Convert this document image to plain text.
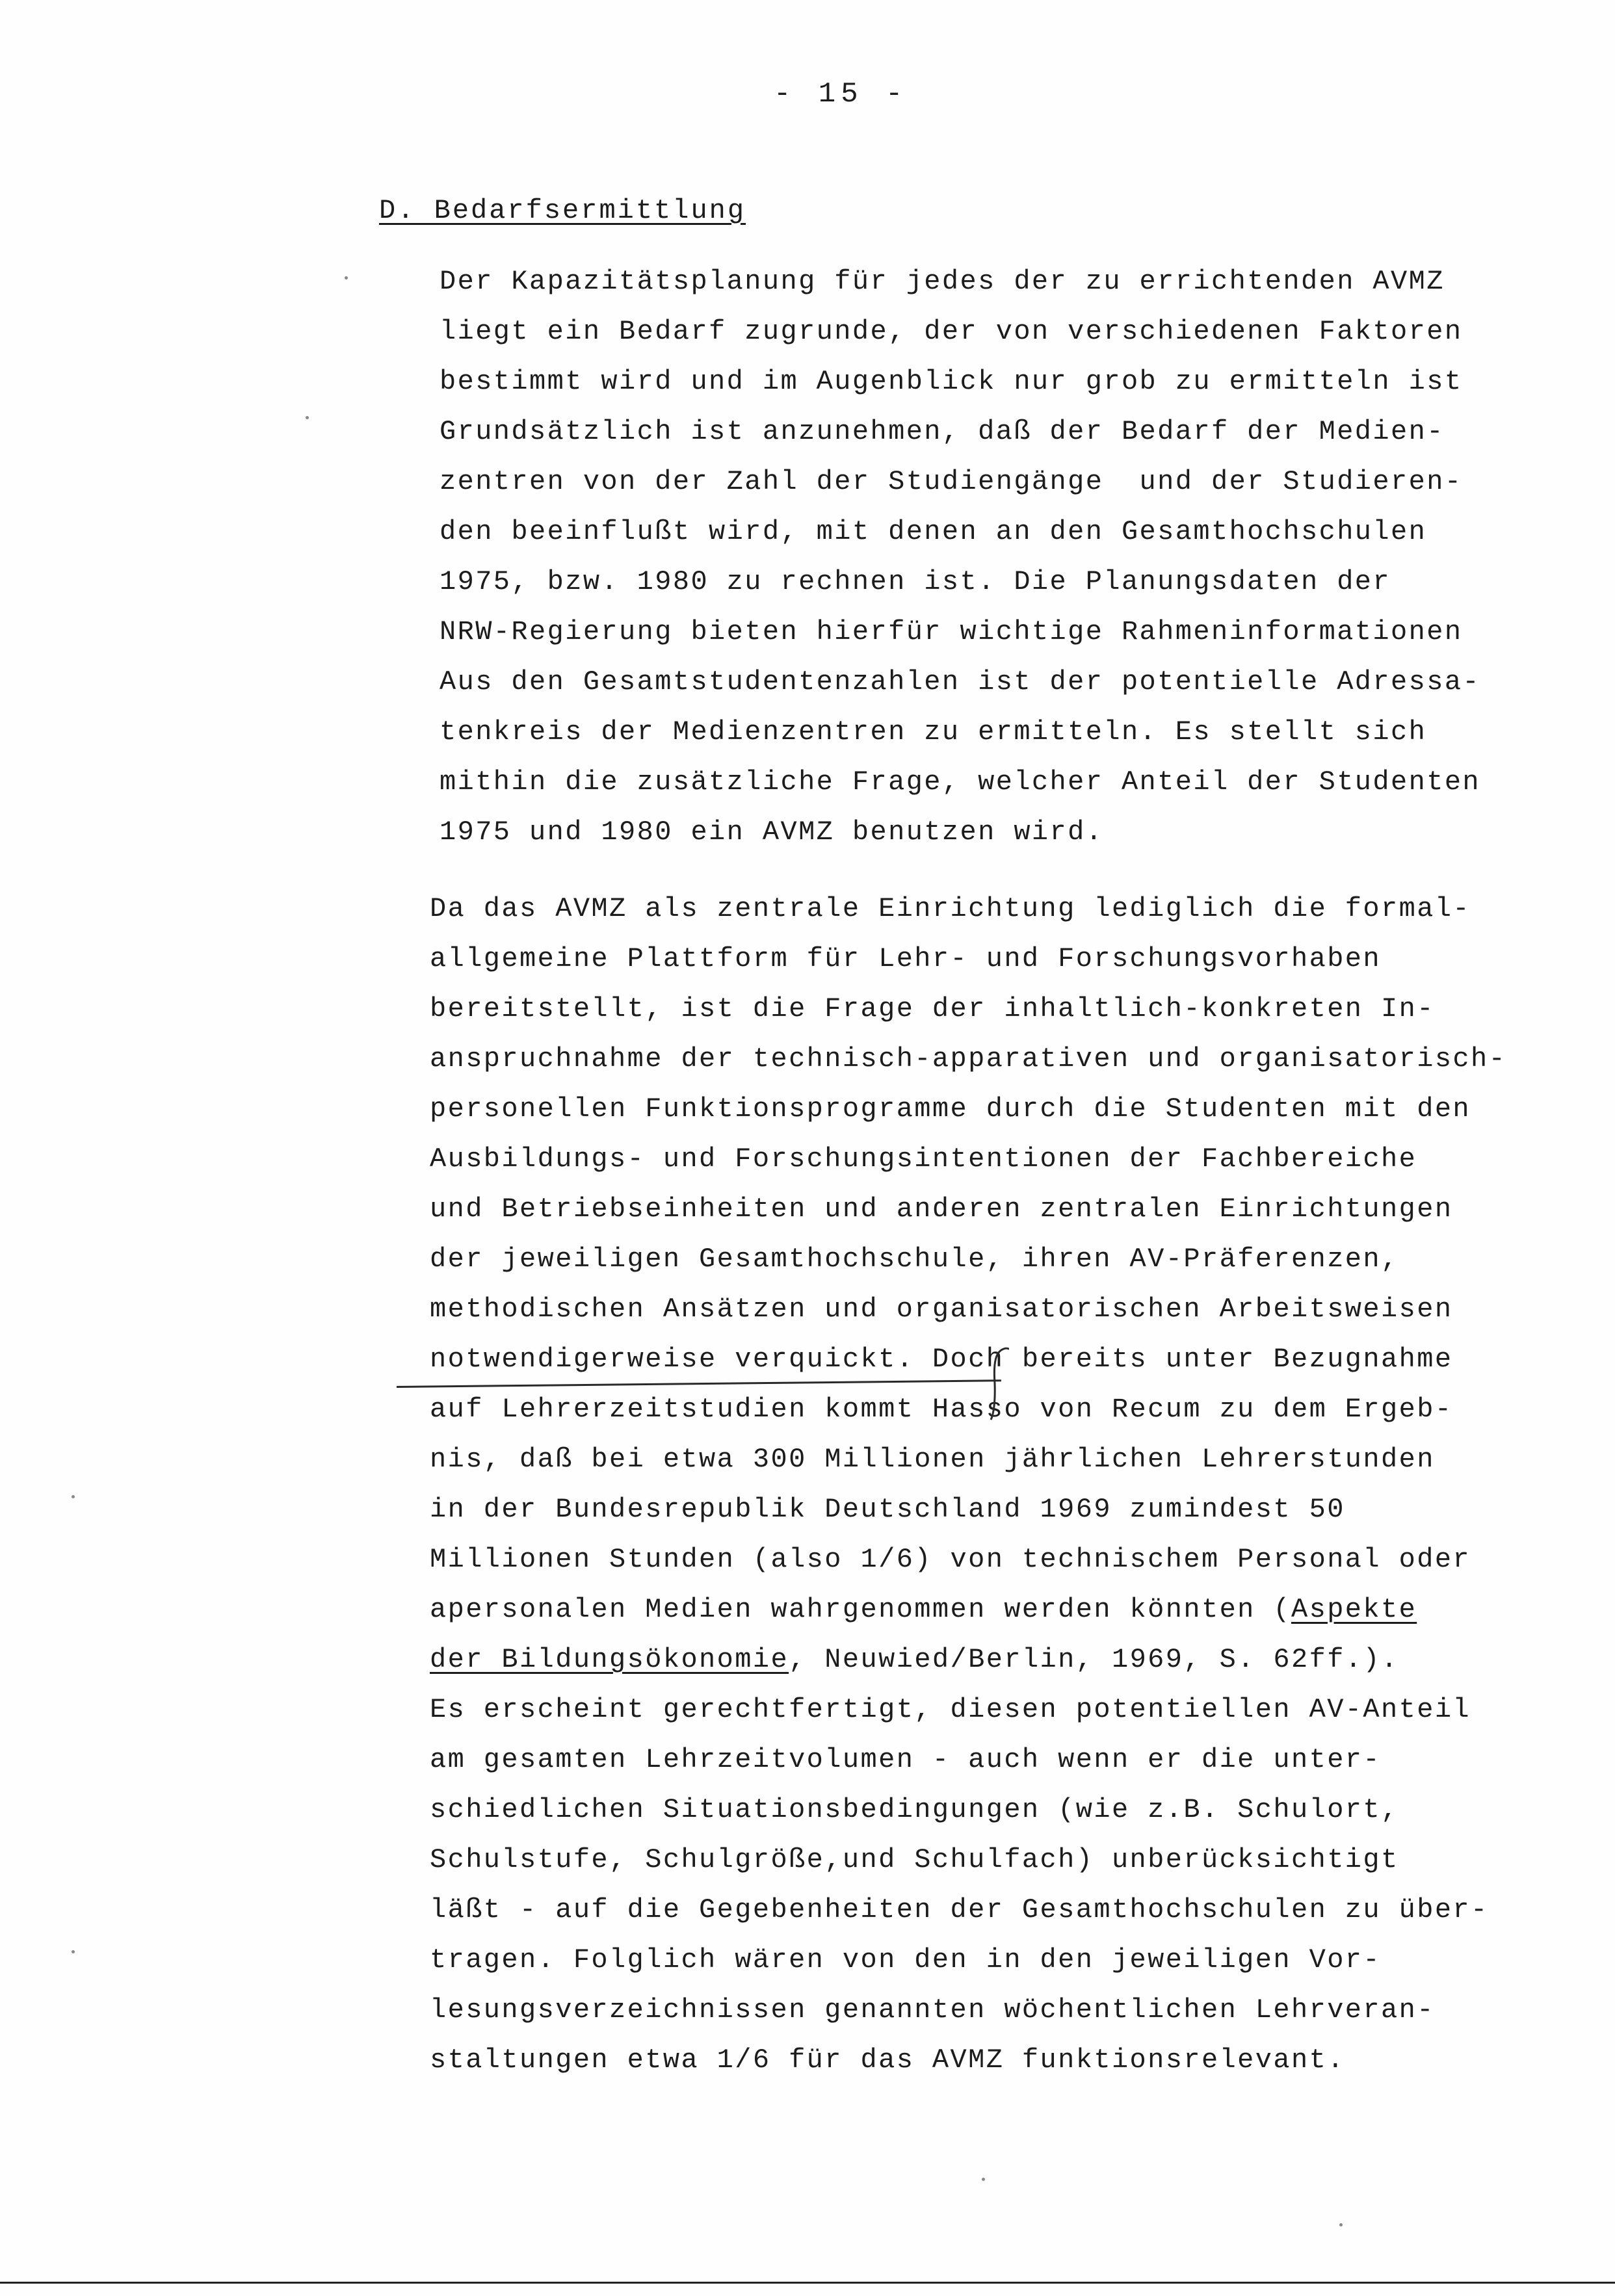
- 15 -
D. Bedarfsermittlung
Der Kapazitätsplanung für jedes der zu errichtenden AVMZ
liegt ein Bedarf zugrunde, der von verschiedenen Faktoren
bestimmt wird und im Augenblick nur grob zu ermitteln ist
Grundsätzlich ist anzunehmen, daß der Bedarf der Medien-
zentren von der Zahl der Studiengänge  und der Studieren-
den beeinflußt wird, mit denen an den Gesamthochschulen
1975, bzw. 1980 zu rechnen ist. Die Planungsdaten der
NRW-Regierung bieten hierfür wichtige Rahmeninformationen
Aus den Gesamtstudentenzahlen ist der potentielle Adressa-
tenkreis der Medienzentren zu ermitteln. Es stellt sich
mithin die zusätzliche Frage, welcher Anteil der Studenten
1975 und 1980 ein AVMZ benutzen wird.
Da das AVMZ als zentrale Einrichtung lediglich die formal-
allgemeine Plattform für Lehr- und Forschungsvorhaben
bereitstellt, ist die Frage der inhaltlich-konkreten In-
anspruchnahme der technisch-apparativen und organisatorisch-
personellen Funktionsprogramme durch die Studenten mit den
Ausbildungs- und Forschungsintentionen der Fachbereiche
und Betriebseinheiten und anderen zentralen Einrichtungen
der jeweiligen Gesamthochschule, ihren AV-Präferenzen,
methodischen Ansätzen und organisatorischen Arbeitsweisen
notwendigerweise verquickt. Doch bereits unter Bezugnahme
auf Lehrerzeitstudien kommt Hasso von Recum zu dem Ergeb-
nis, daß bei etwa 300 Millionen jährlichen Lehrerstunden
in der Bundesrepublik Deutschland 1969 zumindest 50
Millionen Stunden (also 1/6) von technischem Personal oder
apersonalen Medien wahrgenommen werden könnten (Aspekte
der Bildungsökonomie, Neuwied/Berlin, 1969, S. 62ff.).
Es erscheint gerechtfertigt, diesen potentiellen AV-Anteil
am gesamten Lehrzeitvolumen - auch wenn er die unter-
schiedlichen Situationsbedingungen (wie z.B. Schulort,
Schulstufe, Schulgröße,und Schulfach) unberücksichtigt
läßt - auf die Gegebenheiten der Gesamthochschulen zu über-
tragen. Folglich wären von den in den jeweiligen Vor-
lesungsverzeichnissen genannten wöchentlichen Lehrveran-
staltungen etwa 1/6 für das AVMZ funktionsrelevant.
